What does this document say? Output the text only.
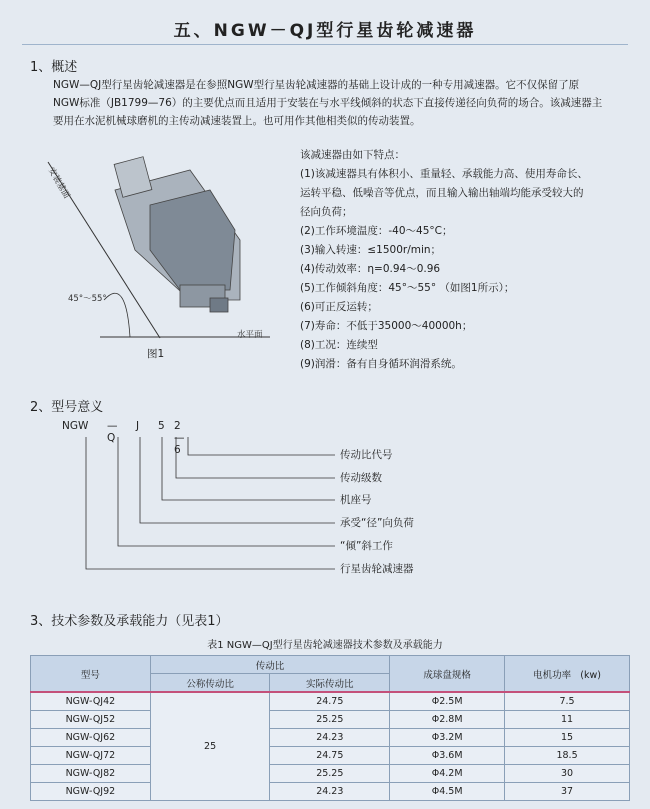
五、NGW－QJ型行星齿轮减速器
1、概述
NGW—QJ型行星齿轮减速器是在参照NGW型行星齿轮减速器的基础上设计成的一种专用减速器。它不仅保留了原
NGW标准（JB1799—76）的主要优点而且适用于安装在与水平线倾斜的状态下直接传递径向负荷的场合。该减速器主
要用在水泥机械球磨机的主传动减速装置上。也可用作其他相类似的传动装置。
安装基面
45°～55°
水平面
图1
该减速器由如下特点：
(1)该减速器具有体积小、重量轻、承载能力高、使用寿命长、
运转平稳、低噪音等优点，而且输入输出轴端均能承受较大的
径向负荷；
(2)工作环境温度：-40～45°C；
(3)输入转速：≤1500r/min；
(4)传动效率：η=0.94～0.96
(5)工作倾斜角度：45°～55° （如图1所示）；
(6)可正反运转；
(7)寿命：不低于35000～40000h；
(8)工况：连续型
(9)润滑：备有自身循环润滑系统。
2、型号意义
NGW —Q
J 5 2—6	传动比代号
传动级数
机座号
承受“径”向负荷
“倾”斜工作
行星齿轮减速器
3、技术参数及承载能力（见表1）
表1 NGW—QJ型行星齿轮减速器技术参数及承载能力
型号	传动比		成球盘规格	电机功率 (kw)
	公称传动比	实际传动比		
NGW-QJ42	25	24.75	Φ2.5M	7.5
NGW-QJ52		25.25	Φ2.8M	11
NGW-QJ62		24.23	Φ3.2M	15
NGW-QJ72		24.75	Φ3.6M	18.5
NGW-QJ82		25.25	Φ4.2M	30
NGW-QJ92		24.23	Φ4.5M	37
